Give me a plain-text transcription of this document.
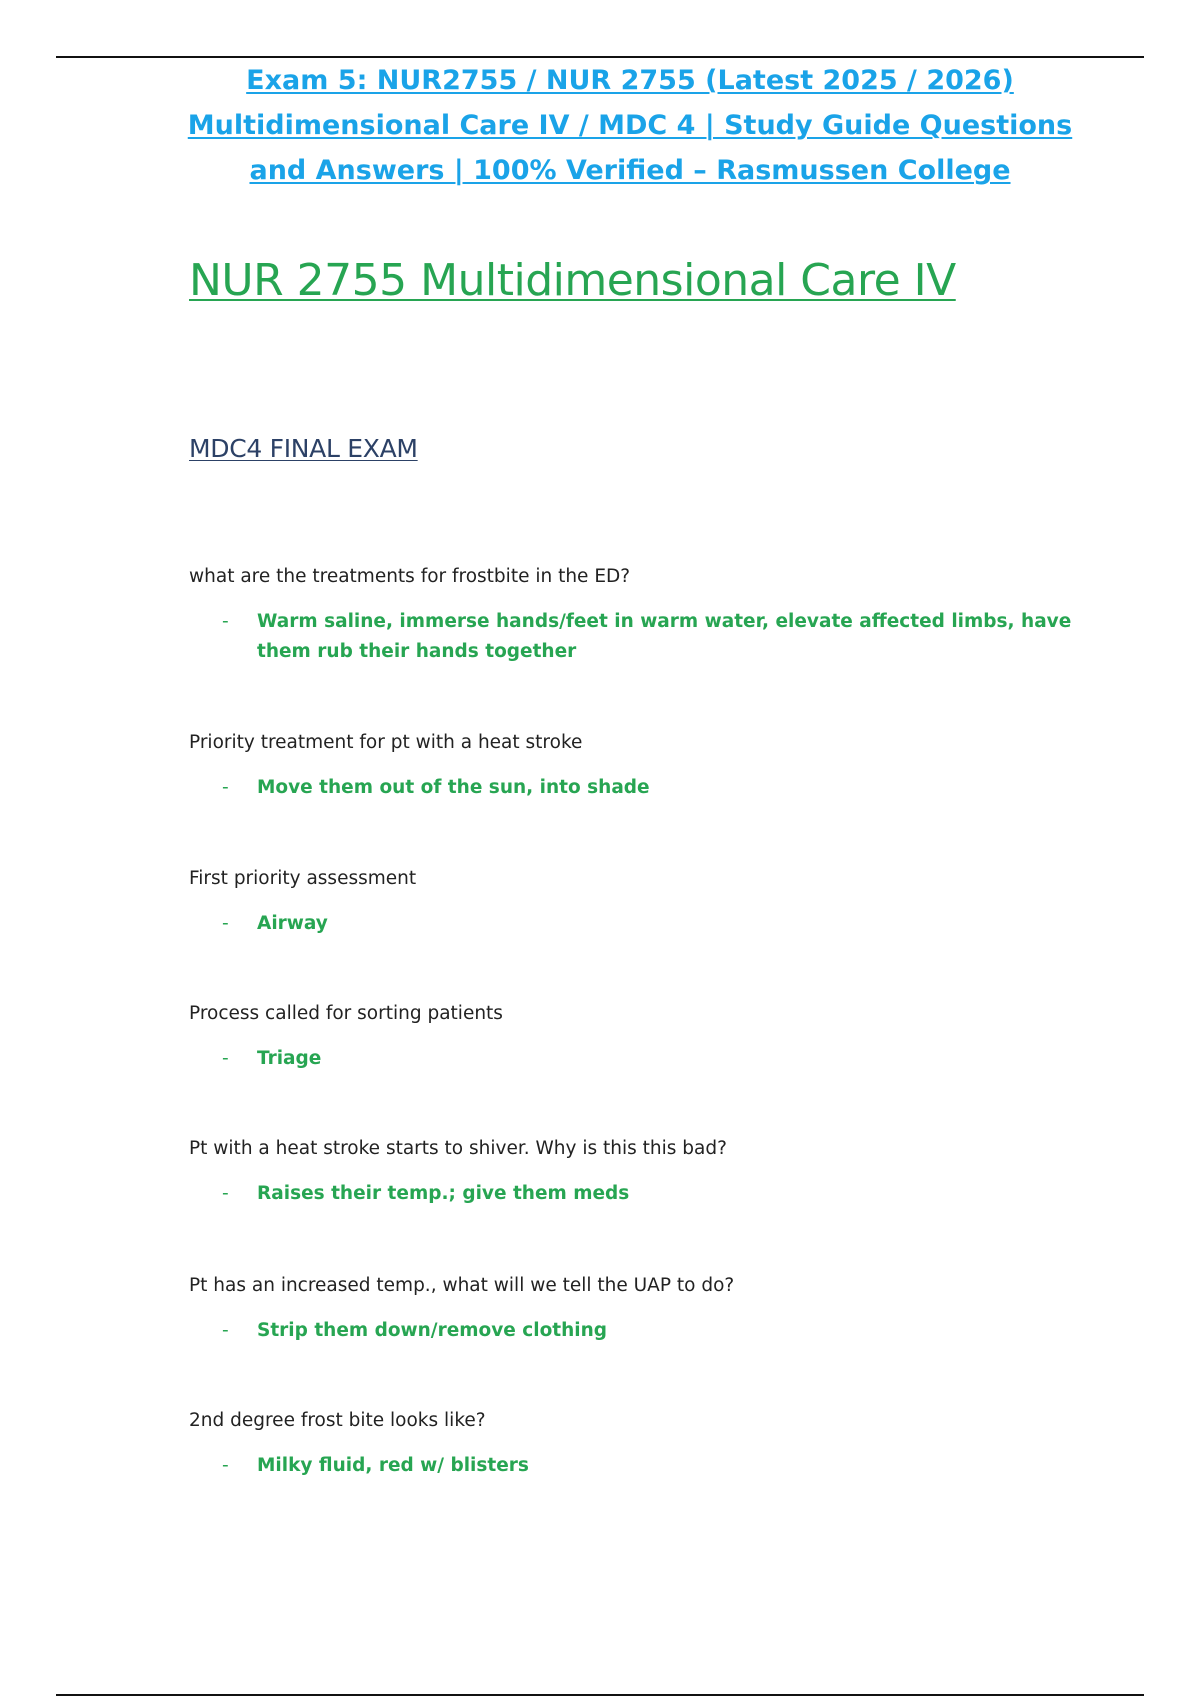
Exam 5: NUR2755 / NUR 2755 (Latest 2025 / 2026)
Multidimensional Care IV / MDC 4 | Study Guide Questions
and Answers | 100% Verified – Rasmussen College
NUR 2755 Multidimensional Care IV
MDC4 FINAL EXAM
what are the treatments for frostbite in the ED?
- Warm saline, immerse hands/feet in warm water, elevate affected limbs, have them rub their hands together
Priority treatment for pt with a heat stroke
- Move them out of the sun, into shade
First priority assessment
- Airway
Process called for sorting patients
- Triage
Pt with a heat stroke starts to shiver. Why is this this bad?
- Raises their temp.; give them meds
Pt has an increased temp., what will we tell the UAP to do?
- Strip them down/remove clothing
2nd degree frost bite looks like?
- Milky fluid, red w/ blisters
